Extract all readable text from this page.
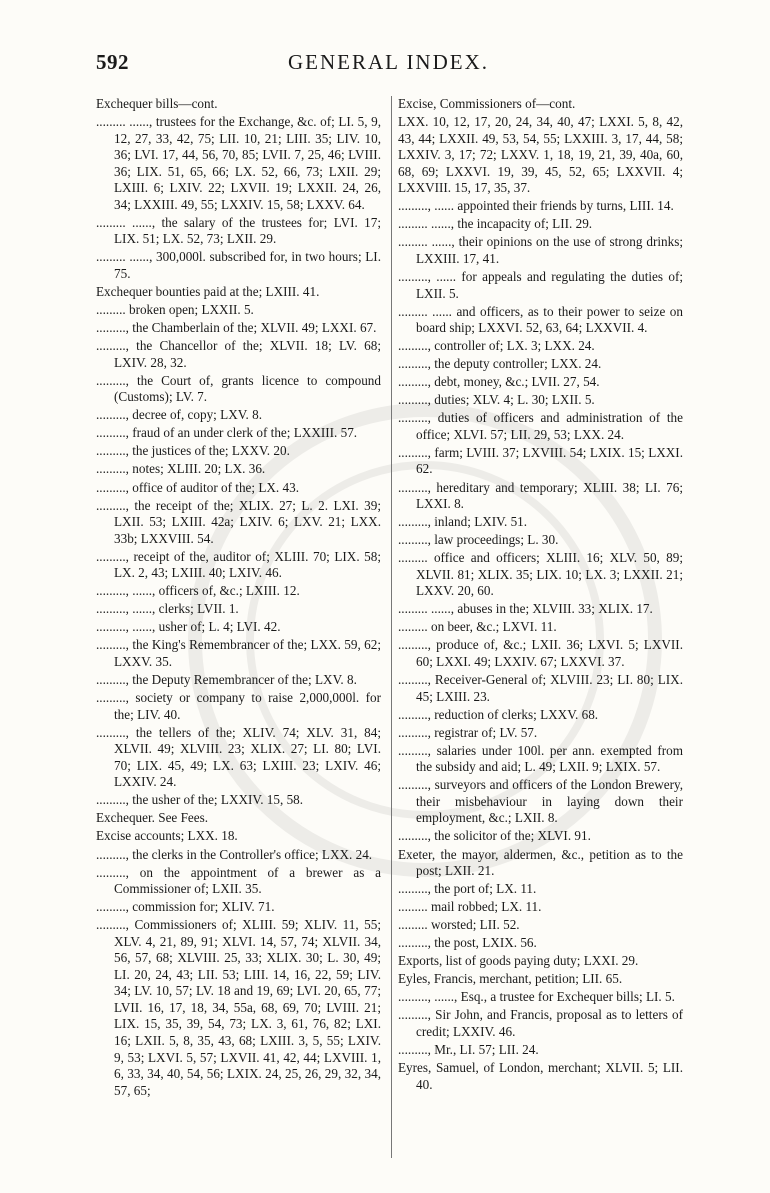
592	GENERAL INDEX.

Exchequer bills—cont.

......... ......, trustees for the Exchange, &c. of; LI. 5, 9, 12, 27, 33, 42, 75; LII. 10, 21; LIII. 35; LIV. 10, 36; LVI. 17, 44, 56, 70, 85; LVII. 7, 25, 46; LVIII. 36; LIX. 51, 65, 66; LX. 52, 66, 73; LXII. 29; LXIII. 6; LXIV. 22; LXVII. 19; LXXII. 24, 26, 34; LXXIII. 49, 55; LXXIV. 15, 58; LXXV. 64.

......... ......, the salary of the trustees for; LVI. 17; LIX. 51; LX. 52, 73; LXII. 29.

......... ......, 300,000l. subscribed for, in two hours; LI. 75.

Exchequer bounties paid at the; LXIII. 41.

......... broken open; LXXII. 5.

........., the Chamberlain of the; XLVII. 49; LXXI. 67.

........., the Chancellor of the; XLVII. 18; LV. 68; LXIV. 28, 32.

........., the Court of, grants licence to compound (Customs); LV. 7.

........., decree of, copy; LXV. 8.

........., fraud of an under clerk of the; LXXIII. 57.

........., the justices of the; LXXV. 20.

........., notes; XLIII. 20; LX. 36.

........., office of auditor of the; LX. 43.

........., the receipt of the; XLIX. 27; L. 2. LXI. 39; LXII. 53; LXIII. 42a; LXIV. 6; LXV. 21; LXX. 33b; LXXVIII. 54.

........., receipt of the, auditor of; XLIII. 70; LIX. 58; LX. 2, 43; LXIII. 40; LXIV. 46.

........., ......, officers of, &c.; LXIII. 12.

........., ......, clerks; LVII. 1.

........., ......, usher of; L. 4; LVI. 42.

........., the King's Remembrancer of the; LXX. 59, 62; LXXV. 35.

........., the Deputy Remembrancer of the; LXV. 8.

........., society or company to raise 2,000,000l. for the; LIV. 40.

........., the tellers of the; XLIV. 74; XLV. 31, 84; XLVII. 49; XLVIII. 23; XLIX. 27; LI. 80; LVI. 70; LIX. 45, 49; LX. 63; LXIII. 23; LXIV. 46; LXXIV. 24.

........., the usher of the; LXXIV. 15, 58.

Exchequer. See Fees.

Excise accounts; LXX. 18.

........., the clerks in the Controller's office; LXX. 24.

........., on the appointment of a brewer as a Commissioner of; LXII. 35.

........., commission for; XLIV. 71.

........., Commissioners of; XLIII. 59; XLIV. 11, 55; XLV. 4, 21, 89, 91; XLVI. 14, 57, 74; XLVII. 34, 56, 57, 68; XLVIII. 25, 33; XLIX. 30; L. 30, 49; LI. 20, 24, 43; LII. 53; LIII. 14, 16, 22, 59; LIV. 34; LV. 10, 57; LV. 18 and 19, 69; LVI. 20, 65, 77; LVII. 16, 17, 18, 34, 55a, 68, 69, 70; LVIII. 21; LIX. 15, 35, 39, 54, 73; LX. 3, 61, 76, 82; LXI. 16; LXII. 5, 8, 35, 43, 68; LXIII. 3, 5, 55; LXIV. 9, 53; LXVI. 5, 57; LXVII. 41, 42, 44; LXVIII. 1, 6, 33, 34, 40, 54, 56; LXIX. 24, 25, 26, 29, 32, 34, 57, 65;

Excise, Commissioners of—cont.

LXX. 10, 12, 17, 20, 24, 34, 40, 47; LXXI. 5, 8, 42, 43, 44; LXXII. 49, 53, 54, 55; LXXIII. 3, 17, 44, 58; LXXIV. 3, 17; 72; LXXV. 1, 18, 19, 21, 39, 40a, 60, 68, 69; LXXVI. 19, 39, 45, 52, 65; LXXVII. 4; LXXVIII. 15, 17, 35, 37.

........., ...... appointed their friends by turns, LIII. 14.

......... ......, the incapacity of; LII. 29.

......... ......, their opinions on the use of strong drinks; LXXIII. 17, 41.

........., ...... for appeals and regulating the duties of; LXII. 5.

......... ...... and officers, as to their power to seize on board ship; LXXVI. 52, 63, 64; LXXVII. 4.

........., controller of; LX. 3; LXX. 24.

........., the deputy controller; LXX. 24.

........., debt, money, &c.; LVII. 27, 54.

........., duties; XLV. 4; L. 30; LXII. 5.

........., duties of officers and administration of the office; XLVI. 57; LII. 29, 53; LXX. 24.

........., farm; LVIII. 37; LXVIII. 54; LXIX. 15; LXXI. 62.

........., hereditary and temporary; XLIII. 38; LI. 76; LXXI. 8.

........., inland; LXIV. 51.

........., law proceedings; L. 30.

......... office and officers; XLIII. 16; XLV. 50, 89; XLVII. 81; XLIX. 35; LIX. 10; LX. 3; LXXII. 21; LXXV. 20, 60.

......... ......, abuses in the; XLVIII. 33; XLIX. 17.

......... on beer, &c.; LXVI. 11.

........., produce of, &c.; LXII. 36; LXVI. 5; LXVII. 60; LXXI. 49; LXXIV. 67; LXXVI. 37.

........., Receiver-General of; XLVIII. 23; LI. 80; LIX. 45; LXIII. 23.

........., reduction of clerks; LXXV. 68.

........., registrar of; LV. 57.

........., salaries under 100l. per ann. exempted from the subsidy and aid; L. 49; LXII. 9; LXIX. 57.

........., surveyors and officers of the London Brewery, their misbehaviour in laying down their employment, &c.; LXII. 8.

........., the solicitor of the; XLVI. 91.

Exeter, the mayor, aldermen, &c., petition as to the post; LXII. 21.

........., the port of; LX. 11.

......... mail robbed; LX. 11.

......... worsted; LII. 52.

........., the post, LXIX. 56.

Exports, list of goods paying duty; LXXI. 29.

Eyles, Francis, merchant, petition; LII. 65.

........., ......, Esq., a trustee for Exchequer bills; LI. 5.

........., Sir John, and Francis, proposal as to letters of credit; LXXIV. 46.

........., Mr., LI. 57; LII. 24.

Eyres, Samuel, of London, merchant; XLVII. 5; LII. 40.
